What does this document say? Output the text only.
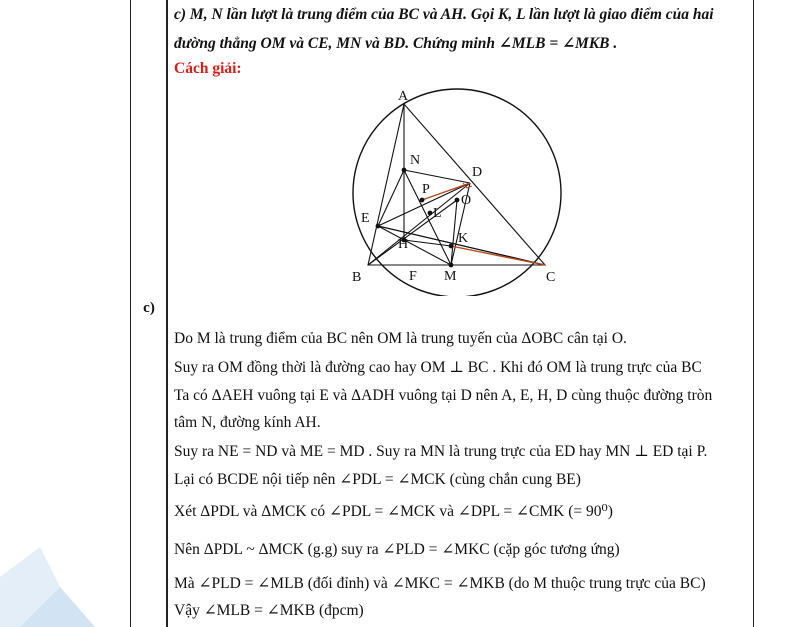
c)
c) M, N lần lượt là trung điểm của BC và AH. Gọi K, L lần lượt là giao điểm của hai
đường thẳng OM và CE, MN và BD. Chứng minh ∠MLB = ∠MKB .
Cách giải:
Do M là trung điểm của BC nên OM là trung tuyến của ΔOBC cân tại O.
Suy ra OM đồng thời là đường cao hay OM ⊥ BC . Khi đó OM là trung trực của BC
Ta có ΔAEH vuông tại E và ΔADH vuông tại D nên A, E, H, D cùng thuộc đường tròn
tâm N, đường kính AH.
Suy ra NE = ND và ME = MD . Suy ra MN là trung trực của ED hay MN ⊥ ED tại P.
Lại có BCDE nội tiếp nên ∠PDL = ∠MCK (cùng chắn cung BE)
Xét ΔPDL và ΔMCK có ∠PDL = ∠MCK và ∠DPL = ∠CMK (= 90⁰)
Nên ΔPDL ~ ΔMCK (g.g) suy ra ∠PLD = ∠MKC (cặp góc tương ứng)
Mà ∠PLD = ∠MLB (đối đỉnh) và ∠MKC = ∠MKB (do M thuộc trung trực của BC)
Vậy ∠MLB = ∠MKB (đpcm)
A
N
D
P
O
E	L
K
H
B	F M	C
